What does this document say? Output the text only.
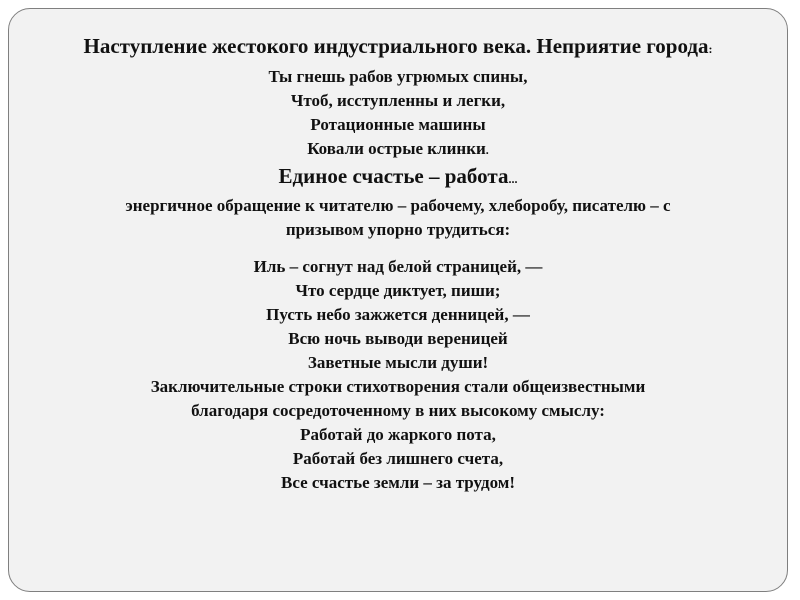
Наступление жестокого индустриального века. Неприятие города:

Ты гнешь рабов угрюмых спины,
Чтоб, исступленны и легки,
Ротационные машины
Ковали острые клинки.
Единое счастье – работа...
энергичное обращение к читателю – рабочему, хлеборобу, писателю – с
призывом упорно трудиться:
Иль – согнут над белой страницей, —
Что сердце диктует, пиши;
Пусть небо зажжется денницей, —
Всю ночь выводи вереницей
Заветные мысли души!
Заключительные строки стихотворения стали общеизвестными
благодаря сосредоточенному в них высокому смыслу:
Работай до жаркого пота,
Работай без лишнего счета,
Все счастье земли – за трудом!
